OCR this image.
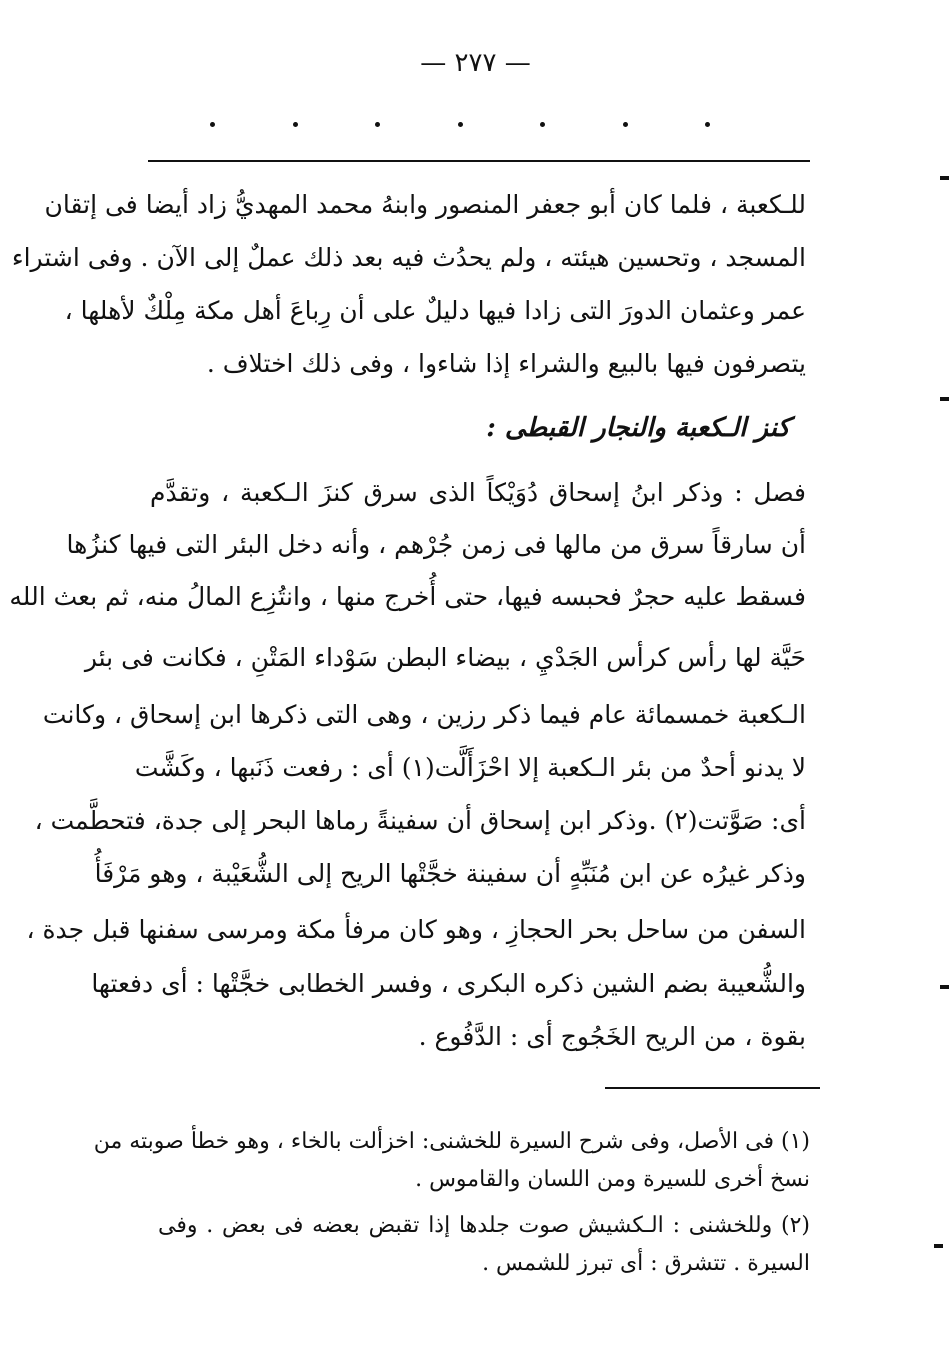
— ٢٧٧ —
للـكعبة ، فلما كان أبو جعفر المنصور وابنهُ محمد المهديُّ زاد أيضا فى إتقان
المسجد ، وتحسين هيئته ، ولم يحدُث فيه بعد ذلك عملٌ إلى الآن . وفى اشتراء
عمر وعثمان الدورَ التى زادا فيها دليلٌ على أن رِباعَ أهل مكة مِلْكٌ لأهلها ،
يتصرفون فيها بالبيع والشراء إذا شاءوا ، وفى ذلك اختلاف .
كنز الـكعبة والنجار القبطى :
فصل : وذكر ابنُ إسحاق دُوَيْكاً الذى سرق كنزَ الـكعبة ، وتقدَّم
أن سارقاً سرق من مالها فى زمن جُرْهم ، وأنه دخل البئر التى فيها كنزُها
فسقط عليه حجرٌ فحبسه فيها، حتى أُخرج منها ، وانتُزِع المالُ منه، ثم بعث الله
حَيَّة لها رأس كرأس الجَدْيِ ، بيضاء البطن سَوْداء المَتْنِ ، فكانت فى بئر
الـكعبة خمسمائة عام فيما ذكر رزين ، وهى التى ذكرها ابن إسحاق ، وكانت
لا يدنو أحدٌ من بئر الـكعبة إلا احْزَأَلَّت(١) أى : رفعت ذَنَبها ، وكَشَّت
أى: صَوَّتت(٢) .وذكر ابن إسحاق أن سفينةً رماها البحر إلى جدة، فتحطَّمت ،
وذكر غيرُه عن ابن مُنَبِّهٍ أن سفينة خجَّتْها الريح إلى الشُّعَيْبة ، وهو مَرْفَأُ
السفن من ساحل بحر الحجازِ ، وهو كان مرفأ مكة ومرسى سفنها قبل جدة ،
والشُّعيبة بضم الشين ذكره البكرى ، وفسر الخطابى خجَّتْها : أى دفعتها
بقوة ، من الريح الخَجُوج أى : الدَّفُوع .
(١) فى الأصل، وفى شرح السيرة للخشنى: اخزألت بالخاء ، وهو خطأ صوبته من
نسخ أخرى للسيرة ومن اللسان والقاموس .
(٢) وللخشنى : الـكشيش صوت جلدها إذا تقبض بعضه فى بعض . وفى
السيرة . تتشرق : أى تبرز للشمس .
